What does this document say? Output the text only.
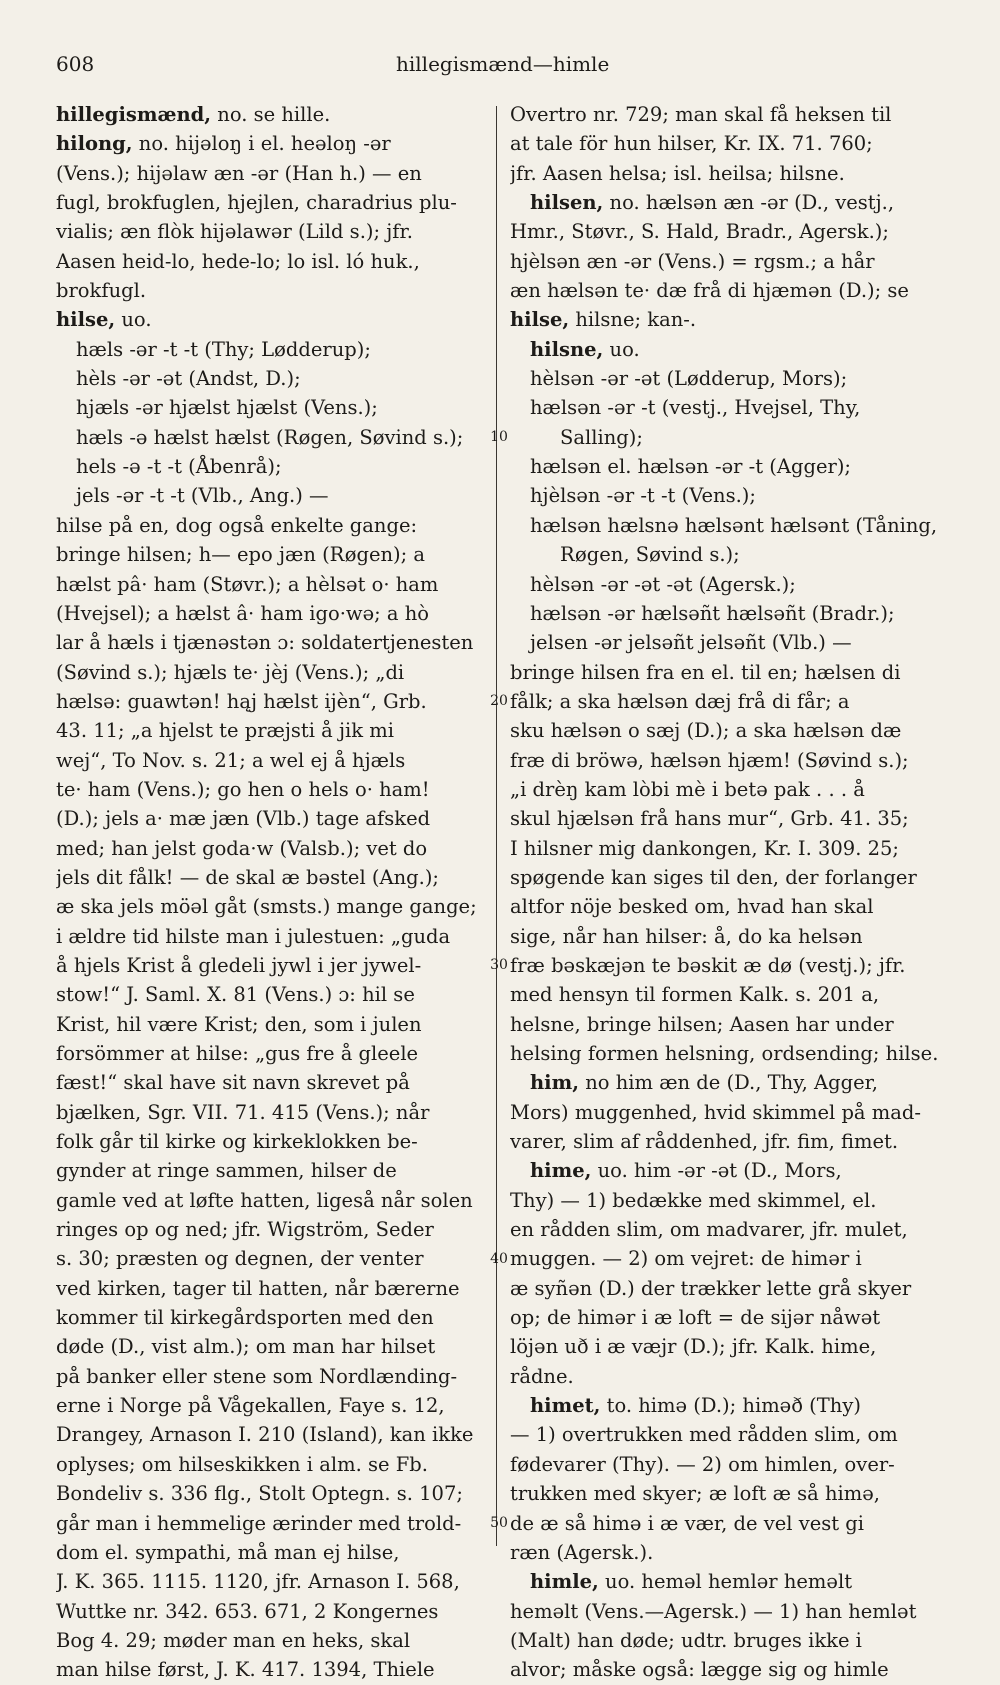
608	hillegismænd—himle
hillegismænd, no. se hille.
hilong, no. hijəloŋ i el. heəloŋ -ər
(Vens.); hijəlaw æn -ər (Han h.) — en
fugl, brokfuglen, hjejlen, charadrius plu-
vialis; æn flòk hijəlawər (Lild s.); jfr.
Aasen heid-lo, hede-lo; lo isl. ló huk.,
brokfugl.
hilse, uo.
hæls -ər -t -t (Thy; Lødderup);
hèls -ər -ət (Andst, D.);
hjæls -ər hjælst hjælst (Vens.);
hæls -ə hælst hælst (Røgen, Søvind s.);
hels -ə -t -t (Åbenrå);
jels -ər -t -t (Vlb., Ang.) —
hilse på en, dog også enkelte gange:
bringe hilsen; h— epo jæn (Røgen); a
hælst pâ· ham (Støvr.); a hèlsət o· ham
(Hvejsel); a hælst â· ham igo·wə; a hò
lar å hæls i tjænəstən ɔ: soldatertjenesten
(Søvind s.); hjæls te· jèj (Vens.); „di
hælsə: guawtən! hąj hælst ijèn“, Grb.
43. 11; „a hjelst te præjsti å jik mi
wej“, To Nov. s. 21; a wel ej å hjæls
te· ham (Vens.); go hen o hels o· ham!
(D.); jels a· mæ jæn (Vlb.) tage afsked
med; han jelst goda·w (Valsb.); vet do
jels dit fålk! — de skal æ bəstel (Ang.);
æ ska jels möəl gåt (smsts.) mange gange;
i ældre tid hilste man i julestuen: „guda
å hjels Krist å gledeli jywl i jer jywel-
stow!“ J. Saml. X. 81 (Vens.) ɔ: hil se
Krist, hil være Krist; den, som i julen
forsömmer at hilse: „gus fre å gleele
fæst!“ skal have sit navn skrevet på
bjælken, Sgr. VII. 71. 415 (Vens.); når
folk går til kirke og kirkeklokken be-
gynder at ringe sammen, hilser de
gamle ved at løfte hatten, ligeså når solen
ringes op og ned; jfr. Wigström, Seder
s. 30; præsten og degnen, der venter
ved kirken, tager til hatten, når bærerne
kommer til kirkegårdsporten med den
døde (D., vist alm.); om man har hilset
på banker eller stene som Nordlænding-
erne i Norge på Vågekallen, Faye s. 12,
Drangey, Arnason I. 210 (Island), kan ikke
oplyses; om hilseskikken i alm. se Fb.
Bondeliv s. 336 flg., Stolt Optegn. s. 107;
går man i hemmelige ærinder med trold-
dom el. sympathi, må man ej hilse,
J. K. 365. 1115. 1120, jfr. Arnason I. 568,
Wuttke nr. 342. 653. 671, 2 Kongernes
Bog 4. 29; møder man en heks, skal
man hilse først, J. K. 417. 1394, Thiele
Overtro nr. 729; man skal få heksen til
at tale för hun hilser, Kr. IX. 71. 760;
jfr. Aasen helsa; isl. heilsa; hilsne.
hilsen, no. hælsən æn -ər (D., vestj.,
Hmr., Støvr., S. Hald, Bradr., Agersk.);
hjèlsən æn -ər (Vens.) = rgsm.; a hår
æn hælsən te· dæ frå di hjæmən (D.); se
hilse, hilsne; kan-.
hilsne, uo.
hèlsən -ər -ət (Lødderup, Mors);
hælsən -ər -t (vestj., Hvejsel, Thy,
Salling);
hælsən el. hælsən -ər -t (Agger);
hjèlsən -ər -t -t (Vens.);
hælsən hælsnə hælsənt hælsənt (Tåning,
Røgen, Søvind s.);
hèlsən -ər -ət -ət (Agersk.);
hælsən -ər hælsəñt hælsəñt (Bradr.);
jelsen -ər jelsəñt jelsəñt (Vlb.) —
bringe hilsen fra en el. til en; hælsen di
fålk; a ska hælsən dæj frå di får; a
sku hælsən o sæj (D.); a ska hælsən dæ
fræ di bröwə, hælsən hjæm! (Søvind s.);
„i drèŋ kam lòbi mè i betə pak . . . å
skul hjælsən frå hans mur“, Grb. 41. 35;
I hilsner mig dankongen, Kr. I. 309. 25;
spøgende kan siges til den, der forlanger
altfor nöje besked om, hvad han skal
sige, når han hilser: å, do ka helsən
fræ bəskæjən te bəskit æ dø (vestj.); jfr.
med hensyn til formen Kalk. s. 201 a,
helsne, bringe hilsen; Aasen har under
helsing formen helsning, ordsending; hilse.
him, no him æn de (D., Thy, Agger,
Mors) muggenhed, hvid skimmel på mad-
varer, slim af råddenhed, jfr. fim, fimet.
hime, uo. him -ər -ət (D., Mors,
Thy) — 1) bedække med skimmel, el.
en rådden slim, om madvarer, jfr. mulet,
muggen. — 2) om vejret: de himər i
æ syñən (D.) der trækker lette grå skyer
op; de himər i æ loft = de sijər nåwət
löjən uð i æ væjr (D.); jfr. Kalk. hime,
rådne.
himet, to. himə (D.); himəð (Thy)
— 1) overtrukken med rådden slim, om
fødevarer (Thy). — 2) om himlen, over-
trukken med skyer; æ loft æ så himə,
de æ så himə i æ vær, de vel vest gi
ræn (Agersk.).
himle, uo. heməl hemlər heməlt
heməlt (Vens.—Agersk.) — 1) han hemlət
(Malt) han døde; udtr. bruges ikke i
alvor; måske også: lægge sig og himle
10
20
30
40
50
